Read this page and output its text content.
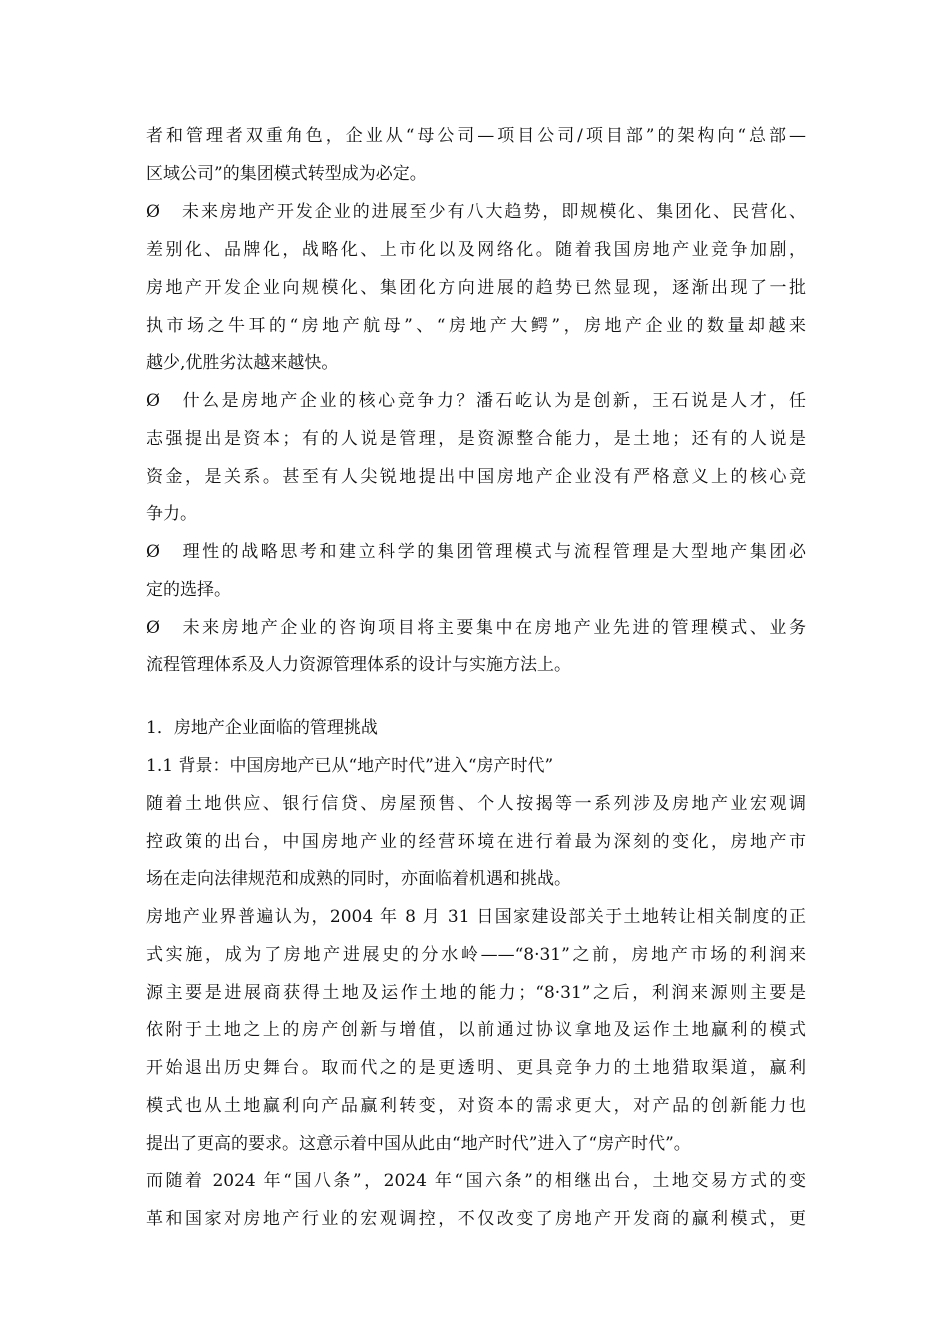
者和管理者双重角色，企业从“母公司—项目公司/项目部”的架构向“总部—
区域公司”的集团模式转型成为必定。
Ø 未来房地产开发企业的进展至少有八大趋势，即规模化、集团化、民营化、
差别化、品牌化，战略化、上市化以及网络化。随着我国房地产业竞争加剧，
房地产开发企业向规模化、集团化方向进展的趋势已然显现，逐渐出现了一批
执市场之牛耳的“房地产航母”、“房地产大鳄”，房地产企业的数量却越来
越少,优胜劣汰越来越快。
Ø 什么是房地产企业的核心竞争力？潘石屹认为是创新，王石说是人才，任
志强提出是资本；有的人说是管理，是资源整合能力，是土地；还有的人说是
资金，是关系。甚至有人尖锐地提出中国房地产企业没有严格意义上的核心竞
争力。
Ø 理性的战略思考和建立科学的集团管理模式与流程管理是大型地产集团必
定的选择。
Ø 未来房地产企业的咨询项目将主要集中在房地产业先进的管理模式、业务
流程管理体系及人力资源管理体系的设计与实施方法上。
1．房地产企业面临的管理挑战
1.1 背景：中国房地产已从“地产时代”进入“房产时代”
随着土地供应、银行信贷、房屋预售、个人按揭等一系列涉及房地产业宏观调
控政策的出台，中国房地产业的经营环境在进行着最为深刻的变化，房地产市
场在走向法律规范和成熟的同时，亦面临着机遇和挑战。
房地产业界普遍认为，2004 年 8 月 31 日国家建设部关于土地转让相关制度的正
式实施，成为了房地产进展史的分水岭——“8·31”之前，房地产市场的利润来
源主要是进展商获得土地及运作土地的能力；“8·31”之后，利润来源则主要是
依附于土地之上的房产创新与增值，以前通过协议拿地及运作土地赢利的模式
开始退出历史舞台。取而代之的是更透明、更具竞争力的土地猎取渠道，赢利
模式也从土地赢利向产品赢利转变，对资本的需求更大，对产品的创新能力也
提出了更高的要求。这意示着中国从此由“地产时代”进入了“房产时代”。
而随着 2024 年“国八条”，2024 年“国六条”的相继出台，土地交易方式的变
革和国家对房地产行业的宏观调控，不仅改变了房地产开发商的赢利模式，更
